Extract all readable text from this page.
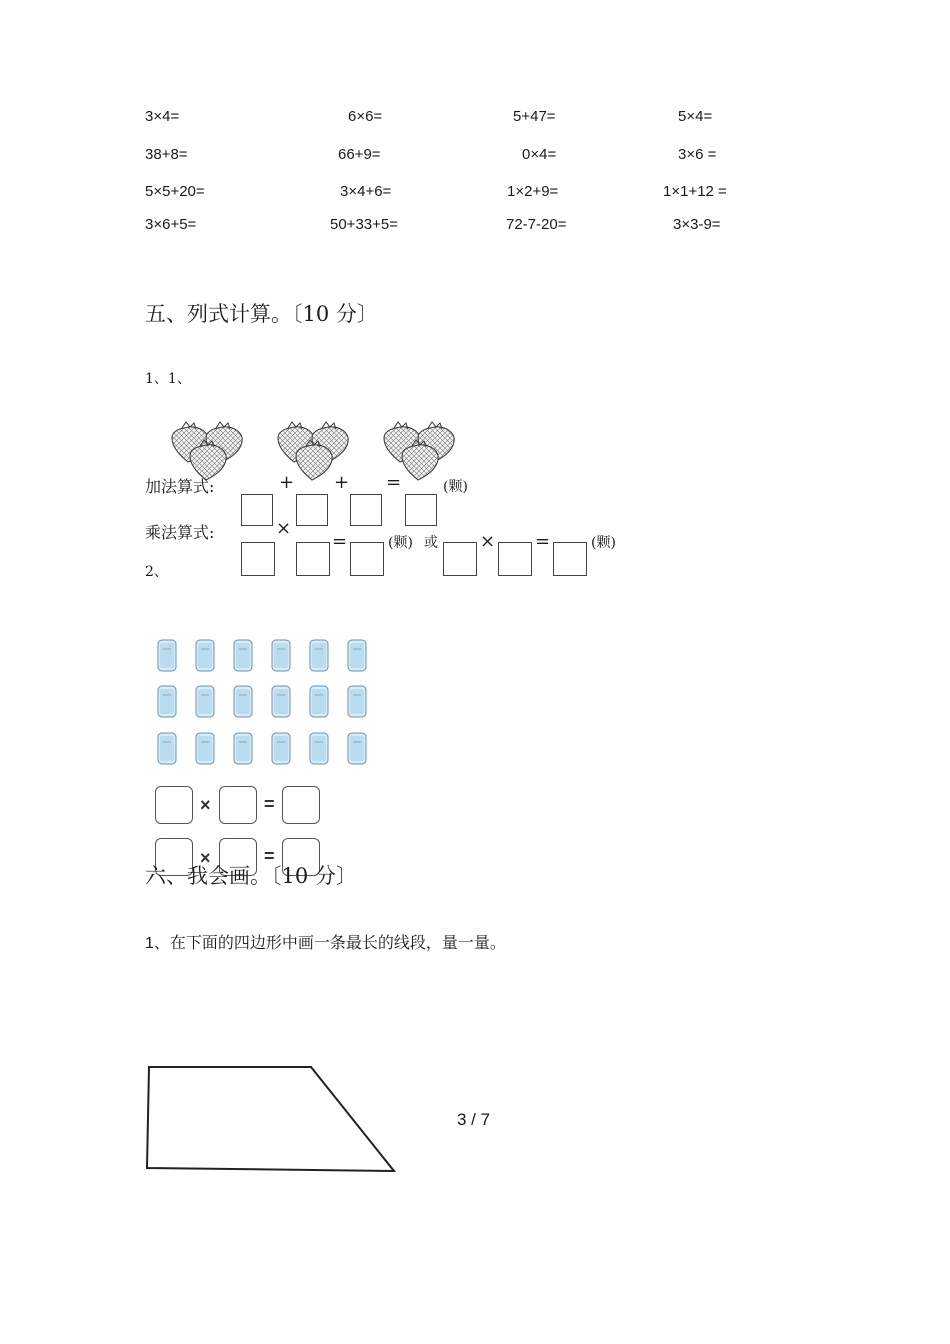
3×4=	6×6=	5+47=	5×4=
38+8=	66+9=	0×4=	3×6 =
5×5+20=	3×4+6=	1×2+9=	1×1+12 =
3×6+5=	50+33+5=	72-7-20=	3×3-9=
五、列式计算。〔10 分〕
1、1、
加法算式:	+ + =	(颗)
乘法算式:	×
=	(颗) 或 × =	(颗)
2、
×	=
×	=
六、我会画。〔10 分〕
1、在下面的四边形中画一条最长的线段，量一量。
3 / 7
